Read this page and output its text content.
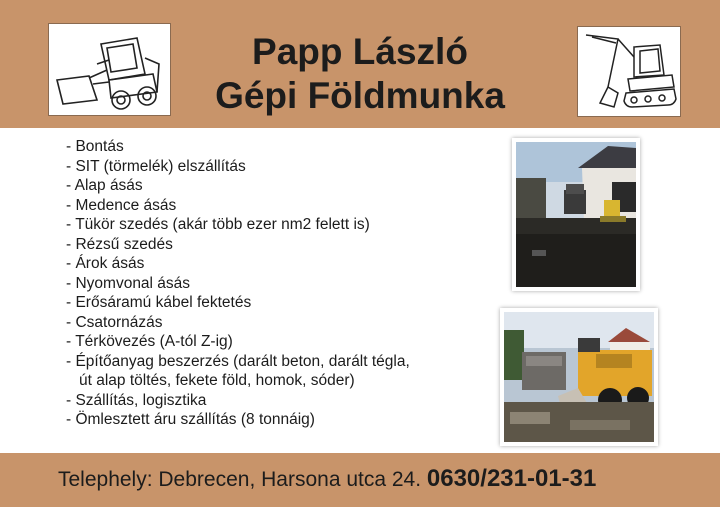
Papp László
Gépi Földmunka
- Bontás
- SIT (törmelék) elszállítás
- Alap ásás
- Medence ásás
- Tükör szedés (akár több ezer nm2 felett is)
- Rézsű szedés
- Árok ásás
- Nyomvonal ásás
- Erősáramú kábel fektetés
- Csatornázás
- Térkövezés (A-tól Z-ig)
- Építőanyag beszerzés (darált beton, darált tégla,
út alap töltés, fekete föld, homok, sóder)
- Szállítás, logisztika
- Ömlesztett áru szállítás (8 tonnáig)
Telephely: Debrecen, Harsona utca 24. 0630/231-01-31
